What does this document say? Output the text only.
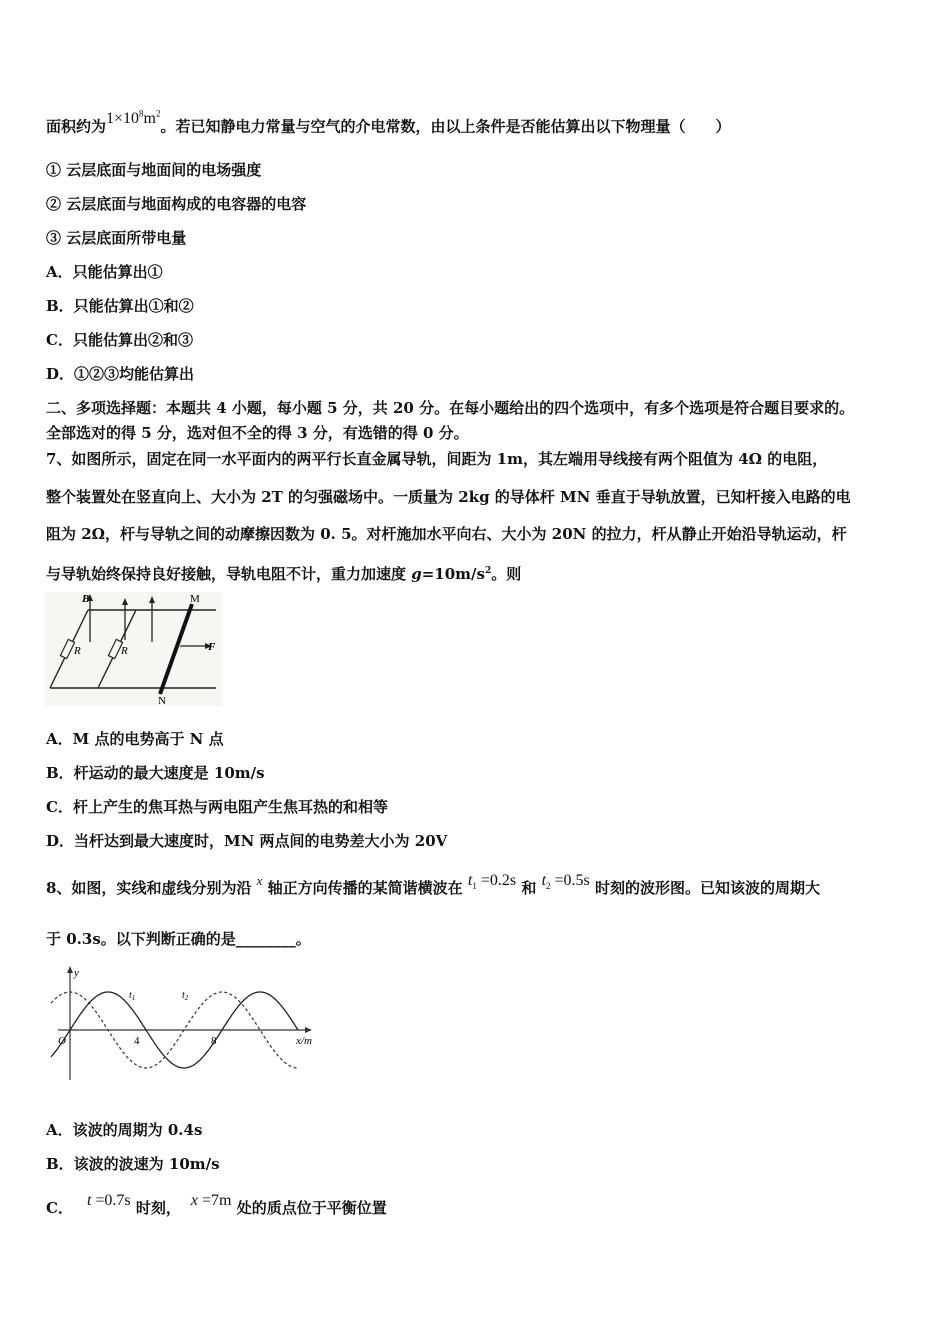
面积约为$1\times 10^8m^2$。若已知静电力常量与空气的介电常数，由以上条件是否能估算出以下物理量（　　）
① 云层底面与地面间的电场强度
② 云层底面与地面构成的电容器的电容
③ 云层底面所带电量
A．只能估算出①
B．只能估算出①和②
C．只能估算出②和③
D．①②③均能估算出
二、多项选择题：本题共 4 小题，每小题 5 分，共 20 分。在每小题给出的四个选项中，有多个选项是符合题目要求的。
全部选对的得 5 分，选对但不全的得 3 分，有选错的得 0 分。
7、如图所示，固定在同一水平面内的两平行长直金属导轨，间距为 1m，其左端用导线接有两个阻值为 4Ω 的电阻，
整个装置处在竖直向上、大小为 2T 的匀强磁场中。一质量为 2kg 的导体杆 MN 垂直于导轨放置，已知杆接入电路的电
阻为 2Ω，杆与导轨之间的动摩擦因数为 0. 5。对杆施加水平向右、大小为 20N 的拉力，杆从静止开始沿导轨运动，杆
与导轨始终保持良好接触，导轨电阻不计，重力加速度 $g=10m/s^2$。则
R	R
B	M
N
F
A．M 点的电势高于 N 点
B．杆运动的最大速度是 10m/s
C．杆上产生的焦耳热与两电阻产生焦耳热的和相等
D．当杆达到最大速度时，MN 两点间的电势差大小为 20V
8、如图，实线和虚线分别为沿 x 轴正方向传播的某简谐横波在 $t_1 =0.2s$ 和 $t_2 =0.5s$ 时刻的波形图。已知该波的周期大
于 0.3s。以下判断正确的是________。
y
O	4	8	x/m
$t_1$	$t_2$
A．该波的周期为 0.4s
B．该波的波速为 10m/s
C． t =0.7s 时刻， x =7m 处的质点位于平衡位置
